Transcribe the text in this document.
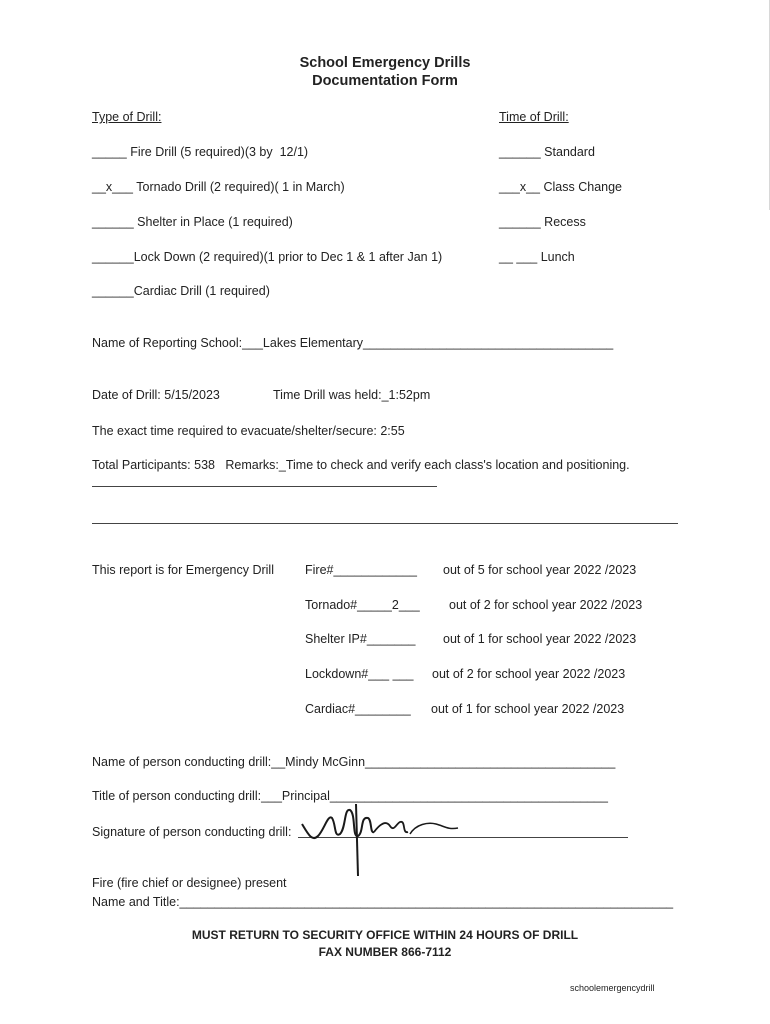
School Emergency Drills
Documentation Form
Type of Drill:	Time of Drill:
_____ Fire Drill (5 required)(3 by  12/1)
__x___ Tornado Drill (2 required)( 1 in March)
______ Shelter in Place (1 required)
______Lock Down (2 required)(1 prior to Dec 1 & 1 after Jan 1)
______Cardiac Drill (1 required)
______ Standard
___x__ Class Change
______ Recess
__ ___ Lunch
Name of Reporting School:___Lakes Elementary____________________________________
Date of Drill: 5/15/2023	Time Drill was held:_1:52pm
The exact time required to evacuate/shelter/secure: 2:55
Total Participants: 538   Remarks:_Time to check and verify each class's location and positioning.
This report is for Emergency Drill Fire#____________ out of 5 for school year 2022 /2023
Tornado#_____2___ out of 2 for school year 2022 /2023
Shelter IP#_______ out of 1 for school year 2022 /2023
Lockdown#___ ___ out of 2 for school year 2022 /2023
Cardiac#________ out of 1 for school year 2022 /2023
Name of person conducting drill:__Mindy McGinn____________________________________
Title of person conducting drill:___Principal________________________________________
Signature of person conducting drill:
Fire (fire chief or designee) present
Name and Title:_______________________________________________________________________
MUST RETURN TO SECURITY OFFICE WITHIN 24 HOURS OF DRILL
FAX NUMBER 866-7112
schoolemergencydrill
